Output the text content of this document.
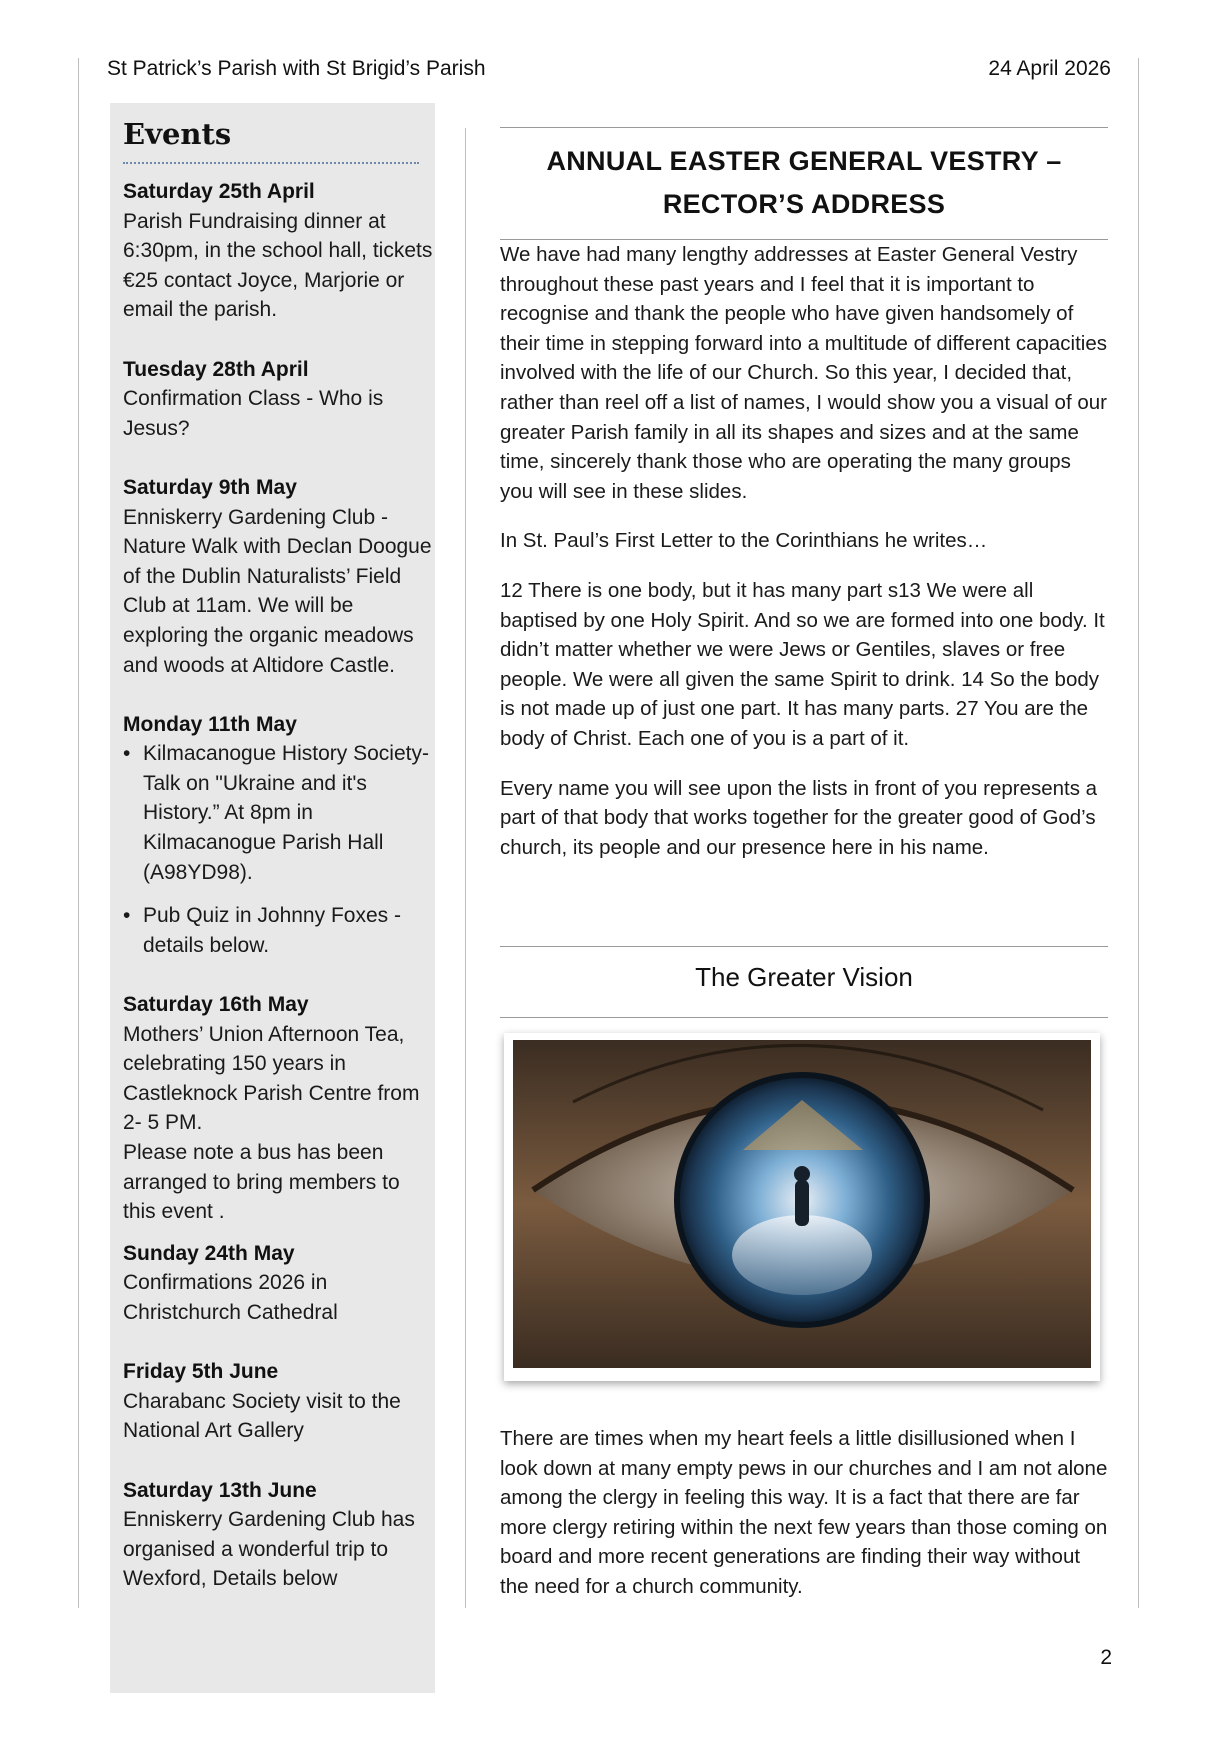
St Patrick’s Parish with St Brigid’s Parish	24 April 2026
Events
Saturday 25th April
Parish Fundraising dinner at 6:30pm, in the school hall, tickets €25 contact Joyce, Marjorie or email the parish.
Tuesday 28th April
Confirmation Class - Who is Jesus?
Saturday 9th May
Enniskerry Gardening Club - Nature Walk with Declan Doogue of the Dublin Naturalists’ Field Club at 11am. We will be exploring the organic meadows and woods at Altidore Castle.
Monday 11th May
• Kilmacanogue History Society- Talk on "Ukraine and it's History.” At 8pm in Kilmacanogue Parish Hall (A98YD98).
• Pub Quiz in Johnny Foxes - details below.
Saturday 16th May
Mothers’ Union Afternoon Tea, celebrating 150 years in Castleknock Parish Centre from 2- 5 PM.
Please note a bus has been arranged to bring members to this event .
Sunday 24th May
Confirmations 2026 in Christchurch Cathedral
Friday 5th June
Charabanc Society visit to the National Art Gallery
Saturday 13th June
Enniskerry Gardening Club has organised a wonderful trip to Wexford, Details below
ANNUAL EASTER GENERAL VESTRY –
RECTOR’S ADDRESS

We have had many lengthy addresses at Easter General Vestry throughout these past years and I feel that it is important to recognise and thank the people who have given handsomely of their time in stepping forward into a multitude of different capacities involved with the life of our Church. So this year, I decided that, rather than reel off a list of names, I would show you a visual of our greater Parish family in all its shapes and sizes and at the same time, sincerely thank those who are operating the many groups you will see in these slides.

In St. Paul’s First Letter to the Corinthians he writes…

12 There is one body, but it has many part s13 We were all baptised by one Holy Spirit. And so we are formed into one body. It didn’t matter whether we were Jews or Gentiles, slaves or free people. We were all given the same Spirit to drink. 14 So the body is not made up of just one part. It has many parts. 27 You are the body of Christ. Each one of you is a part of it.

Every name you will see upon the lists in front of you represents a part of that body that works together for the greater good of God’s church, its people and our presence here in his name.

The Greater Vision

There are times when my heart feels a little disillusioned when I look down at many empty pews in our churches and I am not alone among the clergy in feeling this way. It is a fact that there are far more clergy retiring within the next few years than those coming on board and more recent generations are finding their way without the need for a church community.

2
